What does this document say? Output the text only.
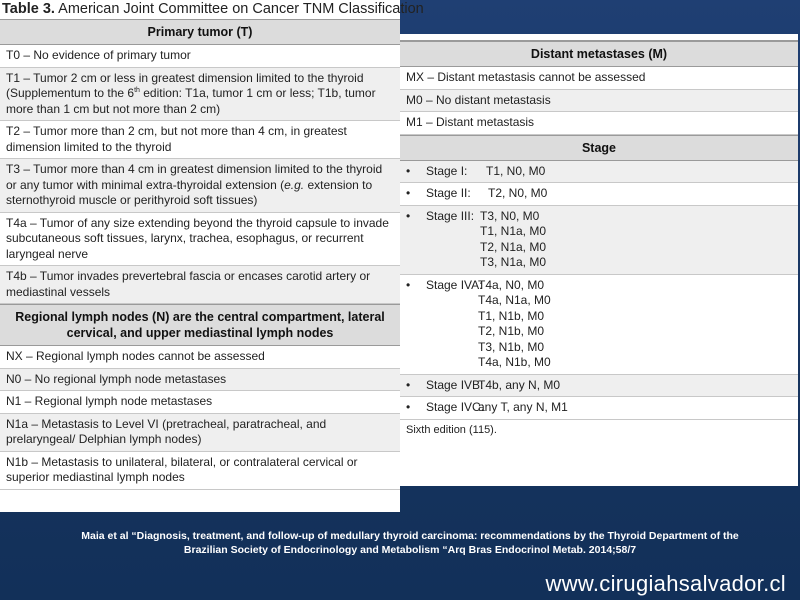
Table 3. American Joint Committee on Cancer TNM Classification
Primary tumor (T)
T0 – No evidence of primary tumor
T1 – Tumor 2 cm or less in greatest dimension limited to the thyroid (Supplementum to the 6th edition: T1a, tumor 1 cm or less; T1b, tumor more than 1 cm but not more than 2 cm)
T2 – Tumor more than 2 cm, but not more than 4 cm, in greatest dimension limited to the thyroid
T3 – Tumor more than 4 cm in greatest dimension limited to the thyroid or any tumor with minimal extra-thyroidal extension (e.g. extension to sternothyroid muscle or perithyroid soft tissues)
T4a – Tumor of any size extending beyond the thyroid capsule to invade subcutaneous soft tissues, larynx, trachea, esophagus, or recurrent laryngeal nerve
T4b – Tumor invades prevertebral fascia or encases carotid artery or mediastinal vessels
Regional lymph nodes (N) are the central compartment, lateral cervical, and upper mediastinal lymph nodes
NX – Regional lymph nodes cannot be assessed
N0 – No regional lymph node metastases
N1 – Regional lymph node metastases
N1a – Metastasis to Level VI (pretracheal, paratracheal, and prelaryngeal/ Delphian lymph nodes)
N1b – Metastasis to unilateral, bilateral, or contralateral cervical or superior mediastinal lymph nodes
Distant metastases (M)
MX – Distant metastasis cannot be assessed
M0 – No distant metastasis
M1 – Distant metastasis
Stage
•	Stage I:	T1, N0, M0
•	Stage II:	T2, N0, M0
•	Stage III: T3, N0, M0
T1, N1a, M0
T2, N1a, M0
T3, N1a, M0
•	Stage IVA:
T4a, N0, M0
T4a, N1a, M0
T1, N1b, M0
T2, N1b, M0
T3, N1b, M0
T4a, N1b, M0
•	Stage IVB:
T4b, any N, M0
•	Stage IVC:
any T, any N, M1
Sixth edition (115).
Maia et al “Diagnosis, treatment, and follow-up of medullary thyroid carcinoma: recommendations by the Thyroid Department of the Brazilian Society of Endocrinology and Metabolism “Arq Bras Endocrinol Metab. 2014;58/7
www.cirugiahsalvador.cl
